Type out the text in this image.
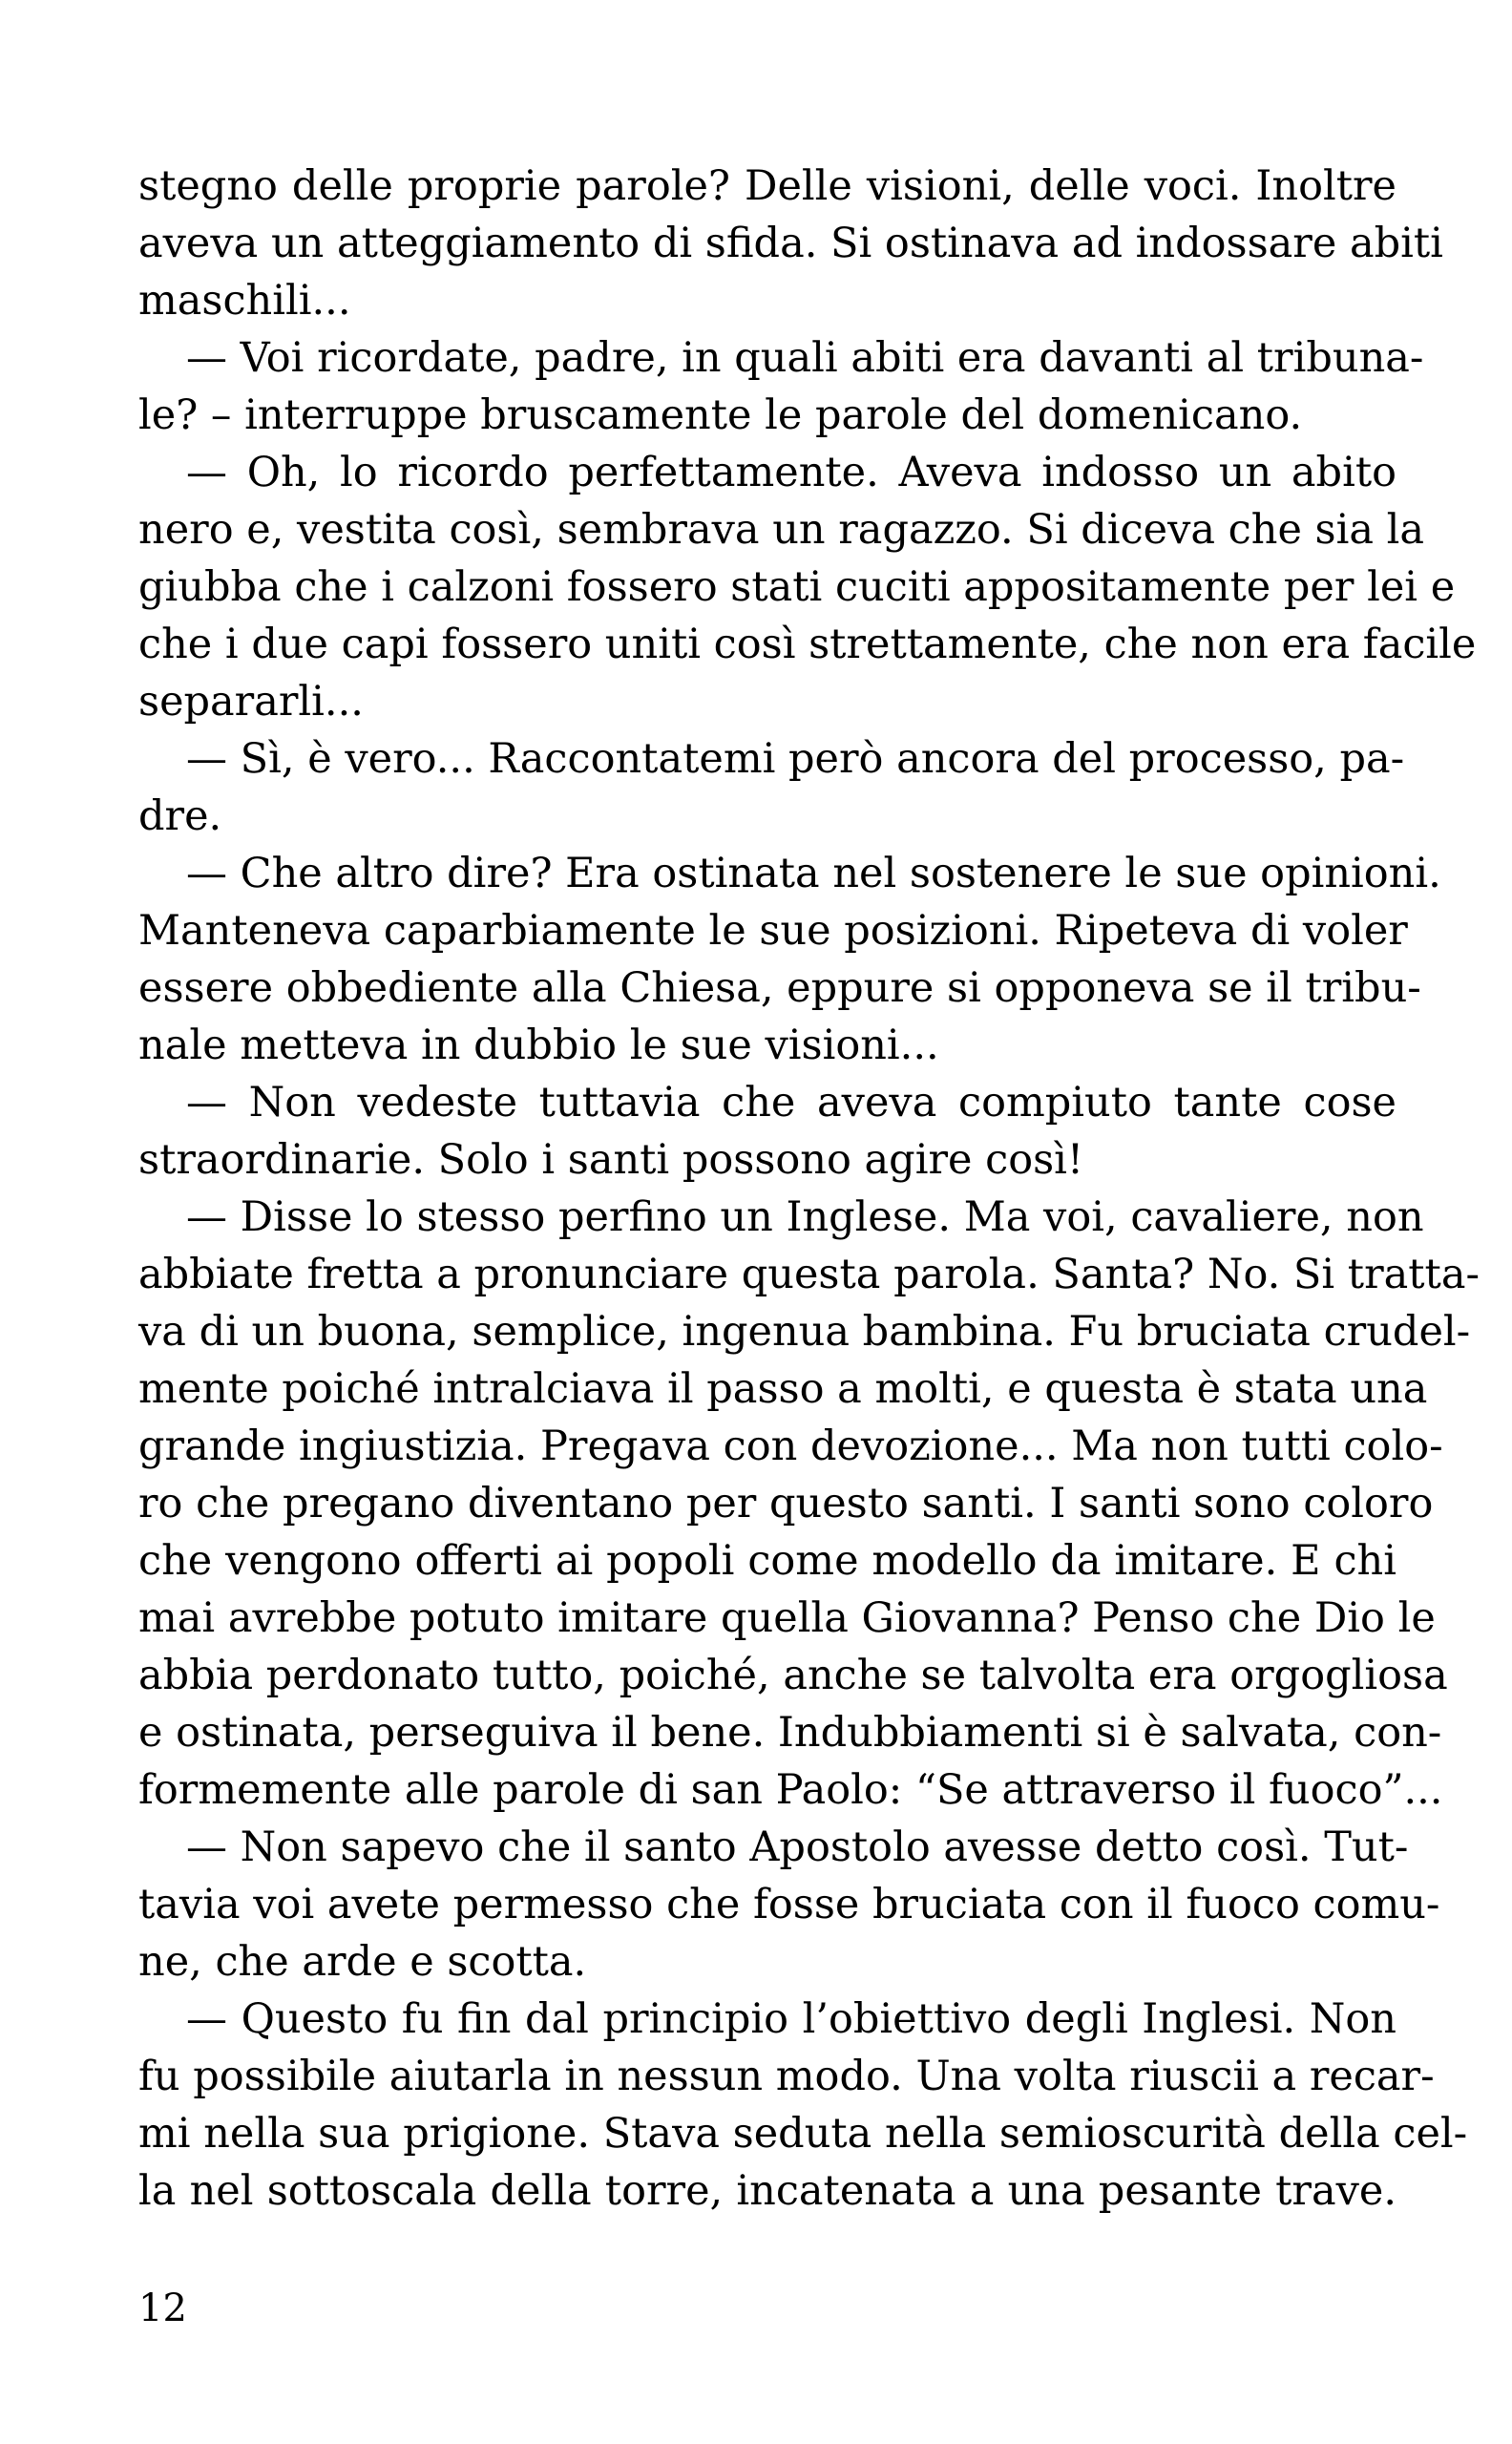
stegno delle proprie parole? Delle visioni, delle voci. Inoltre
aveva un atteggiamento di sfida. Si ostinava ad indossare abiti
maschili...
— Voi ricordate, padre, in quali abiti era davanti al tribuna-
le? – interruppe bruscamente le parole del domenicano.
— Oh, lo ricordo perfettamente. Aveva indosso un abito
nero e, vestita così, sembrava un ragazzo. Si diceva che sia la
giubba che i calzoni fossero stati cuciti appositamente per lei e
che i due capi fossero uniti così strettamente, che non era facile
separarli...
— Sì, è vero... Raccontatemi però ancora del processo, pa-
dre.
— Che altro dire? Era ostinata nel sostenere le sue opinioni.
Manteneva caparbiamente le sue posizioni. Ripeteva di voler
essere obbediente alla Chiesa, eppure si opponeva se il tribu-
nale metteva in dubbio le sue visioni...
— Non vedeste tuttavia che aveva compiuto tante cose
straordinarie. Solo i santi possono agire così!
— Disse lo stesso perfino un Inglese. Ma voi, cavaliere, non
abbiate fretta a pronunciare questa parola. Santa? No. Si tratta-
va di un buona, semplice, ingenua bambina. Fu bruciata crudel-
mente poiché intralciava il passo a molti, e questa è stata una
grande ingiustizia. Pregava con devozione... Ma non tutti colo-
ro che pregano diventano per questo santi. I santi sono coloro
che vengono offerti ai popoli come modello da imitare. E chi
mai avrebbe potuto imitare quella Giovanna? Penso che Dio le
abbia perdonato tutto, poiché, anche se talvolta era orgogliosa
e ostinata, perseguiva il bene. Indubbiamenti si è salvata, con-
formemente alle parole di san Paolo: “Se attraverso il fuoco”...
— Non sapevo che il santo Apostolo avesse detto così. Tut-
tavia voi avete permesso che fosse bruciata con il fuoco comu-
ne, che arde e scotta.
— Questo fu fin dal principio l’obiettivo degli Inglesi. Non
fu possibile aiutarla in nessun modo. Una volta riuscii a recar-
mi nella sua prigione. Stava seduta nella semioscurità della cel-
la nel sottoscala della torre, incatenata a una pesante trave.
12
